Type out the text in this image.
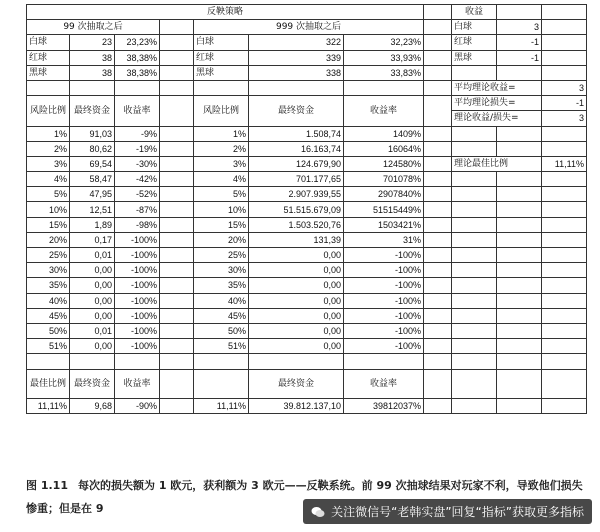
反鞅策略								收益		
99 次抽取之后				999 次抽取之后				白球	3	
白球	23	23,23%		白球	322	32,23%		红球	-1	
红球	38	38,38%		红球	339	33,93%		黑球	-1	
黑球	38	38,38%		黑球	338	33,83%				
								平均理论收益=		3
风险比例	最终资金	收益率		风险比例	最终资金	收益率		平均理论损失=		-1
								理论收益/损失=		3
1%	91,03	-9%		1%	1.508,74	1409%				
2%	80,62	-19%		2%	16.163,74	16064%				
3%	69,54	-30%		3%	124.679,90	124580%		理论最佳比例		11,11%
4%	58,47	-42%		4%	701.177,65	701078%				
5%	47,95	-52%		5%	2.907.939,55	2907840%				
10%	12,51	-87%		10%	51.515.679,09	51515449%				
15%	1,89	-98%		15%	1.503.520,76	1503421%				
20%	0,17	-100%		20%	131,39	31%				
25%	0,01	-100%		25%	0,00	-100%				
30%	0,00	-100%		30%	0,00	-100%				
35%	0,00	-100%		35%	0,00	-100%				
40%	0,00	-100%		40%	0,00	-100%				
45%	0,00	-100%		45%	0,00	-100%				
50%	0,01	-100%		50%	0,00	-100%				
51%	0,00	-100%		51%	0,00	-100%				

最佳比例	最终资金	收益率			最终资金	收益率				
11,11%	9,68	-90%		11,11%	39.812.137,10	39812037%				
图 1.11 每次的损失额为 1 欧元，获利额为 3 欧元——反鞅系统。前 99 次抽球结果对玩家不利，导致他们损失惨重；但是在 9	关注微信号“老韩实盘”回复“指标”获取更多指标
